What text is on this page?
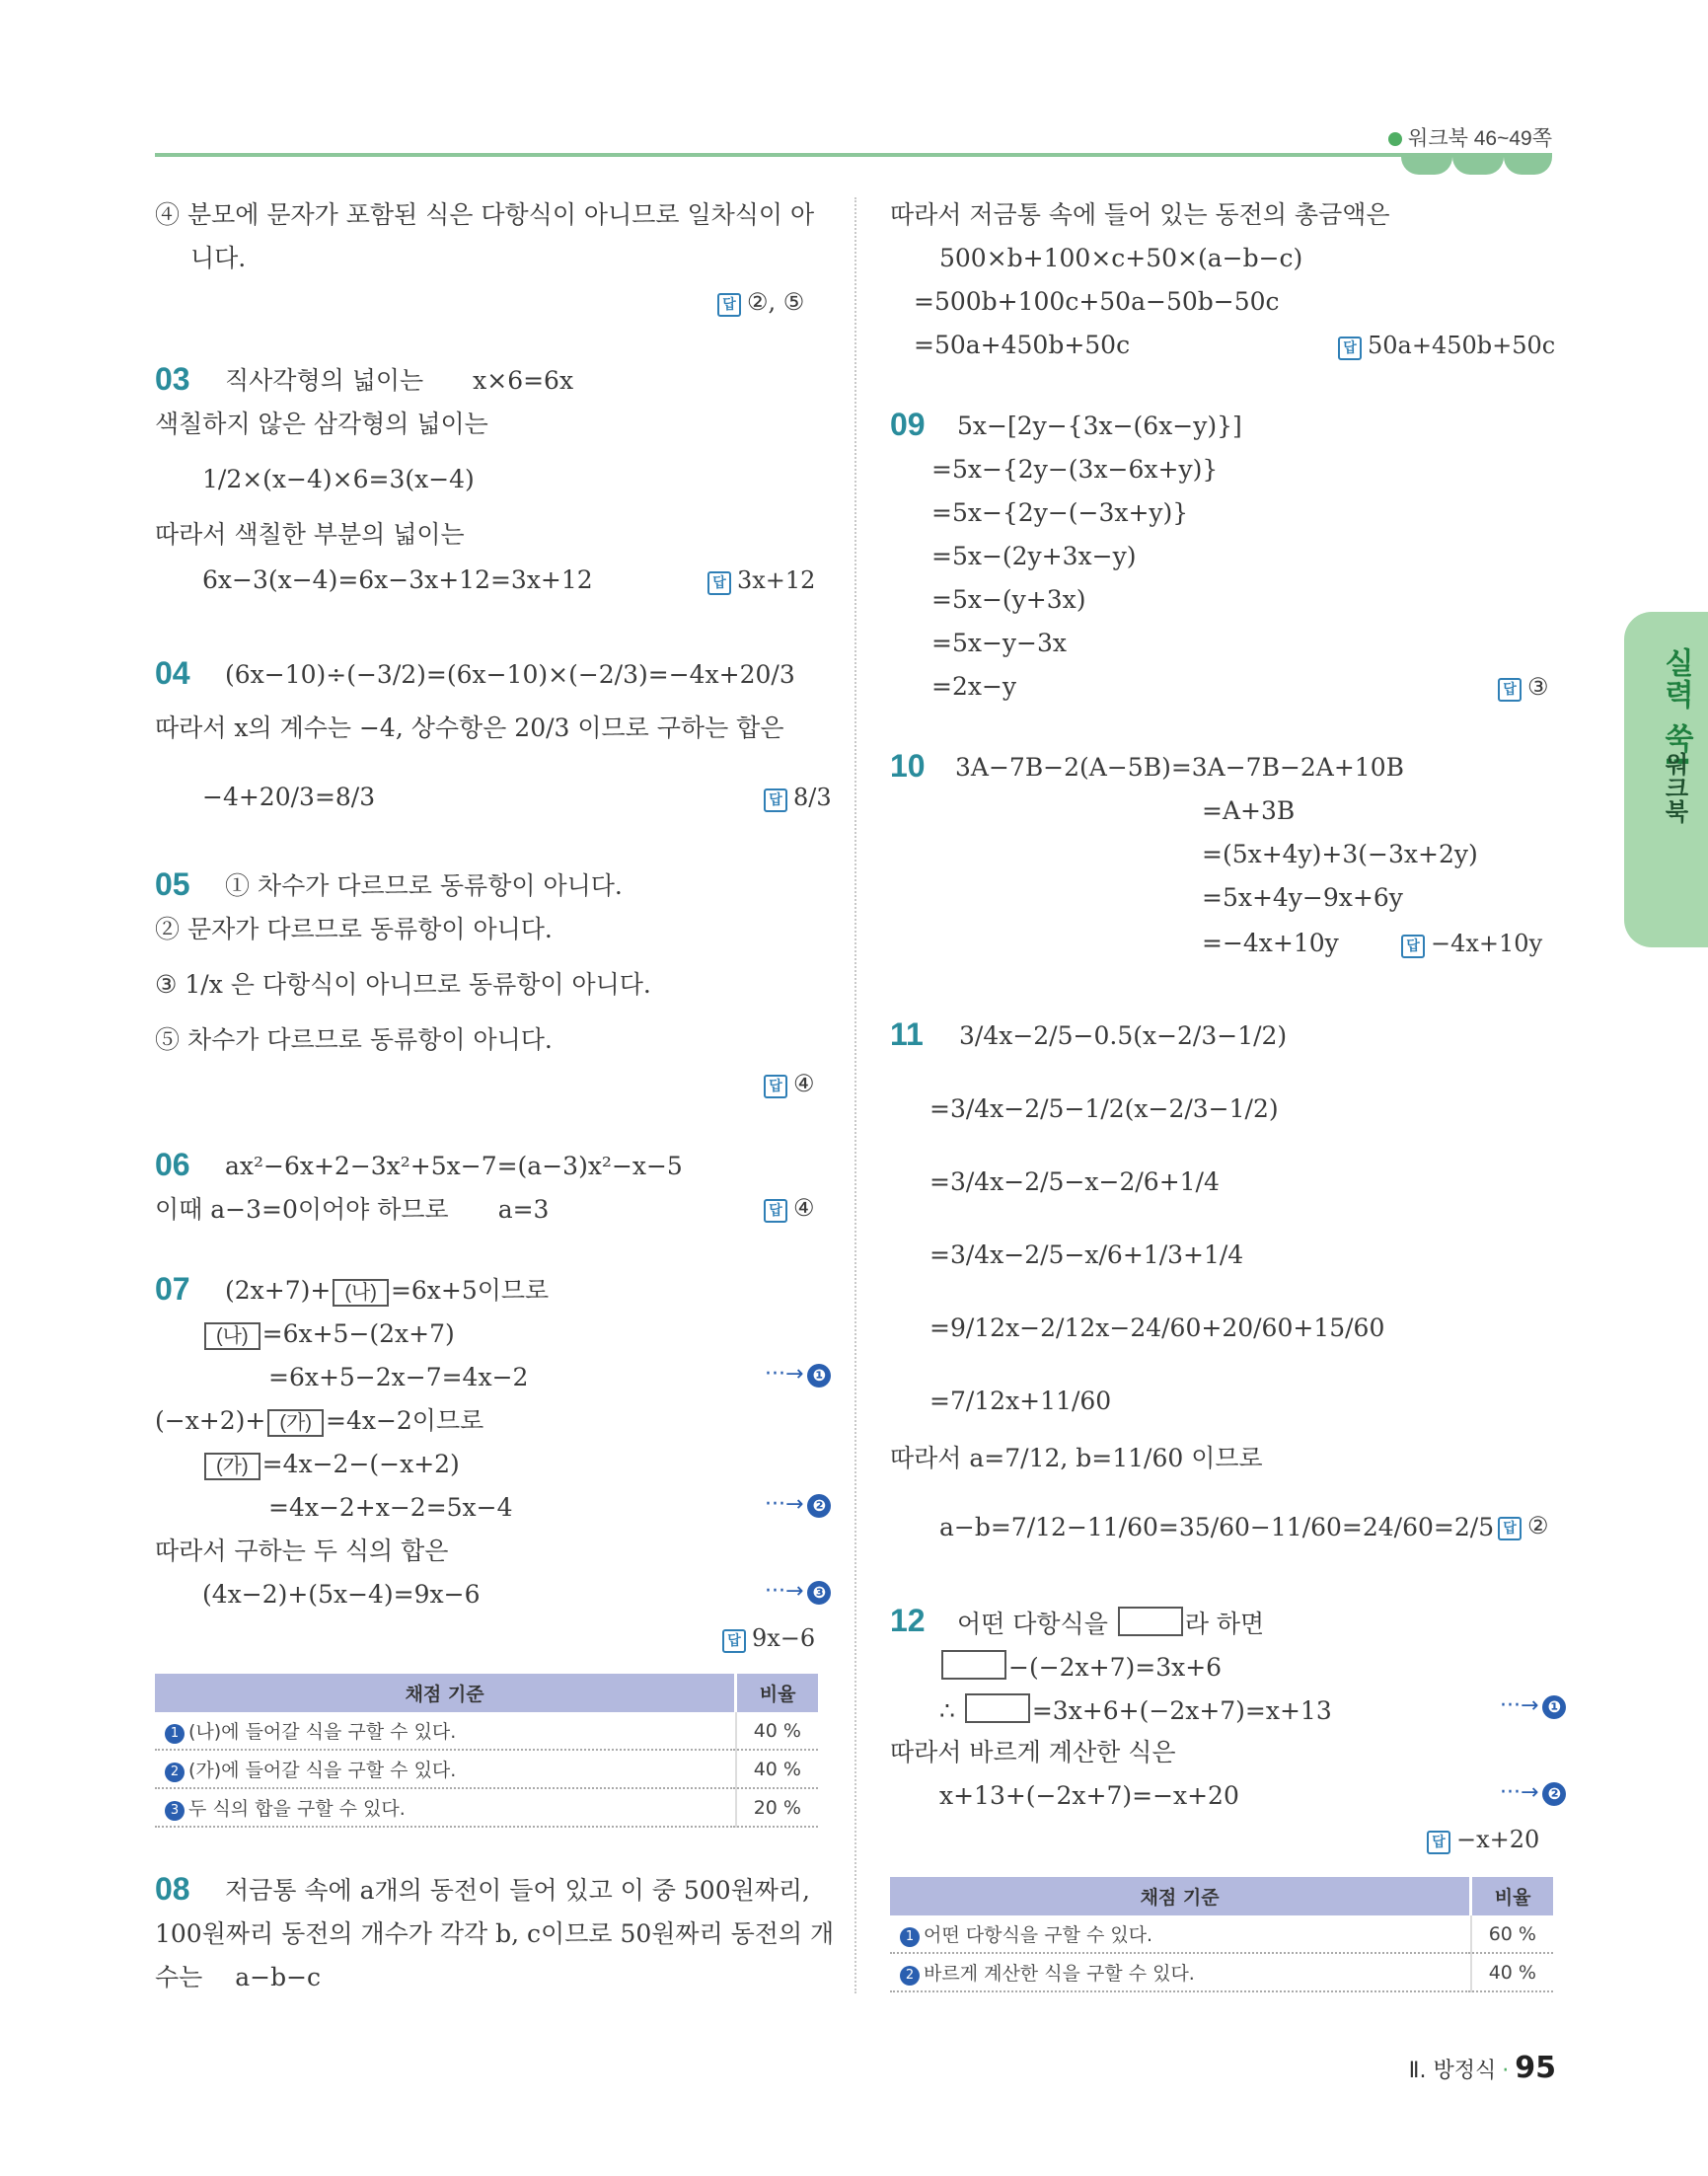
워크북 46~49쪽
실력 쑥!
워크북
④ 분모에 문자가 포함된 식은 다항식이 아니므로 일차식이 아
니다.
답 ②, ⑤
03 직사각형의 넓이는　　x×6=6x
색칠하지 않은 삼각형의 넓이는
1/2×(x−4)×6=3(x−4)
따라서 색칠한 부분의 넓이는
6x−3(x−4)=6x−3x+12=3x+12	답 3x+12
04 (6x−10)÷(−3/2)=(6x−10)×(−2/3)=−4x+20/3
따라서 x의 계수는 −4, 상수항은 20/3 이므로 구하는 합은
−4+20/3=8/3	답 8/3
05 ① 차수가 다르므로 동류항이 아니다.
② 문자가 다르므로 동류항이 아니다.
③ 1/x 은 다항식이 아니므로 동류항이 아니다.
⑤ 차수가 다르므로 동류항이 아니다.
답 ④
06 ax²−6x+2−3x²+5x−7=(a−3)x²−x−5
이때 a−3=0이어야 하므로　　a=3	답 ④
07 (2x+7)+ (나) =6x+5이므로
(나) =6x+5−(2x+7)
=6x+5−2x−7=4x−2	···→ ❶
(−x+2)+ (가) =4x−2이므로
(가) =4x−2−(−x+2)
=4x−2+x−2=5x−4	···→ ❷
따라서 구하는 두 식의 합은
(4x−2)+(5x−4)=9x−6	···→ ❸
답 9x−6
채점 기준	비율
1 (나)에 들어갈 식을 구할 수 있다.	40 %
2 (가)에 들어갈 식을 구할 수 있다.	40 %
3 두 식의 합을 구할 수 있다.	20 %
08 저금통 속에 a개의 동전이 들어 있고 이 중 500원짜리,
100원짜리 동전의 개수가 각각 b, c이므로 50원짜리 동전의 개
수는　 a−b−c
따라서 저금통 속에 들어 있는 동전의 총금액은
500×b+100×c+50×(a−b−c)
=500b+100c+50a−50b−50c
=50a+450b+50c	답 50a+450b+50c
09 5x−[2y−{3x−(6x−y)}]
=5x−{2y−(3x−6x+y)}
=5x−{2y−(−3x+y)}
=5x−(2y+3x−y)
=5x−(y+3x)
=5x−y−3x
=2x−y	답 ③
10 3A−7B−2(A−5B)=3A−7B−2A+10B
=A+3B
=(5x+4y)+3(−3x+2y)
=5x+4y−9x+6y
=−4x+10y	답 −4x+10y
11 3/4x−2/5−0.5(x−2/3−1/2)
=3/4x−2/5−1/2(x−2/3−1/2)
=3/4x−2/5−x−2/6+1/4
=3/4x−2/5−x/6+1/3+1/4
=9/12x−2/12x−24/60+20/60+15/60
=7/12x+11/60
따라서 a=7/12, b=11/60 이므로
a−b=7/12−11/60=35/60−11/60=24/60=2/5 답 ②
12 어떤 다항식을	라 하면
−(−2x+7)=3x+6
∴	=3x+6+(−2x+7)=x+13	···→ ❶
따라서 바르게 계산한 식은
x+13+(−2x+7)=−x+20	···→ ❷
답 −x+20
채점 기준	비율
1 어떤 다항식을 구할 수 있다.	60 %
2 바르게 계산한 식을 구할 수 있다.	40 %
Ⅱ. 방정식 · 95
